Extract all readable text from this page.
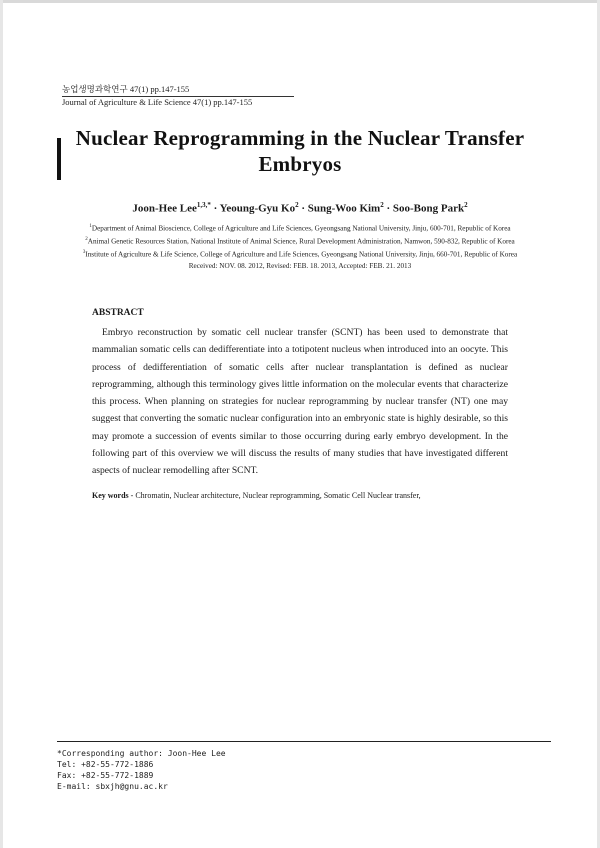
농업생명과학연구 47(1) pp.147-155
Journal of Agriculture & Life Science 47(1) pp.147-155
Nuclear Reprogramming in the Nuclear Transfer
Embryos
Joon-Hee Lee$^{1,3,*}$ · Yeoung-Gyu $Ko^2$ · Sung-Woo Kim$^2$ · Soo-Bong Park$^2$
$^1$Department of Animal Bioscience, College of Agriculture and Life Sciences, Gyeongsang National University, Jinju, 600-701, Republic of Korea
$^2$Animal Genetic Resources Station, National Institute of Animal Science, Rural Development Administration, Namwon, 590-832, Republic of Korea
$^3$Institute of Agriculture & Life Science, College of Agriculture and Life Sciences, Gyeongsang National University, Jinju, 660-701, Republic of Korea
Received: NOV. 08. 2012, Revised: FEB. 18. 2013, Accepted: FEB. 21. 2013
ABSTRACT
Embryo reconstruction by somatic cell nuclear transfer (SCNT) has been used to demonstrate that mammalian somatic cells can dedifferentiate into a totipotent nucleus when introduced into an oocyte. This process of dedifferentiation of somatic cells after nuclear transplantation is defined as nuclear reprogramming, although this terminology gives little information on the molecular events that characterize this process. When planning on strategies for nuclear reprogramming by nuclear transfer (NT) one may suggest that converting the somatic nuclear configuration into an embryonic state is highly desirable, so this may promote a succession of events similar to those occurring during early embryo development. In the following part of this overview we will discuss the results of many studies that have investigated different aspects of nuclear remodelling after SCNT.
Key words - Chromatin, Nuclear architecture, Nuclear reprogramming, Somatic Cell Nuclear transfer,
*Corresponding author: Joon-Hee Lee
Tel: +82-55-772-1886
Fax: +82-55-772-1889
E-mail: sbxjh@gnu.ac.kr
